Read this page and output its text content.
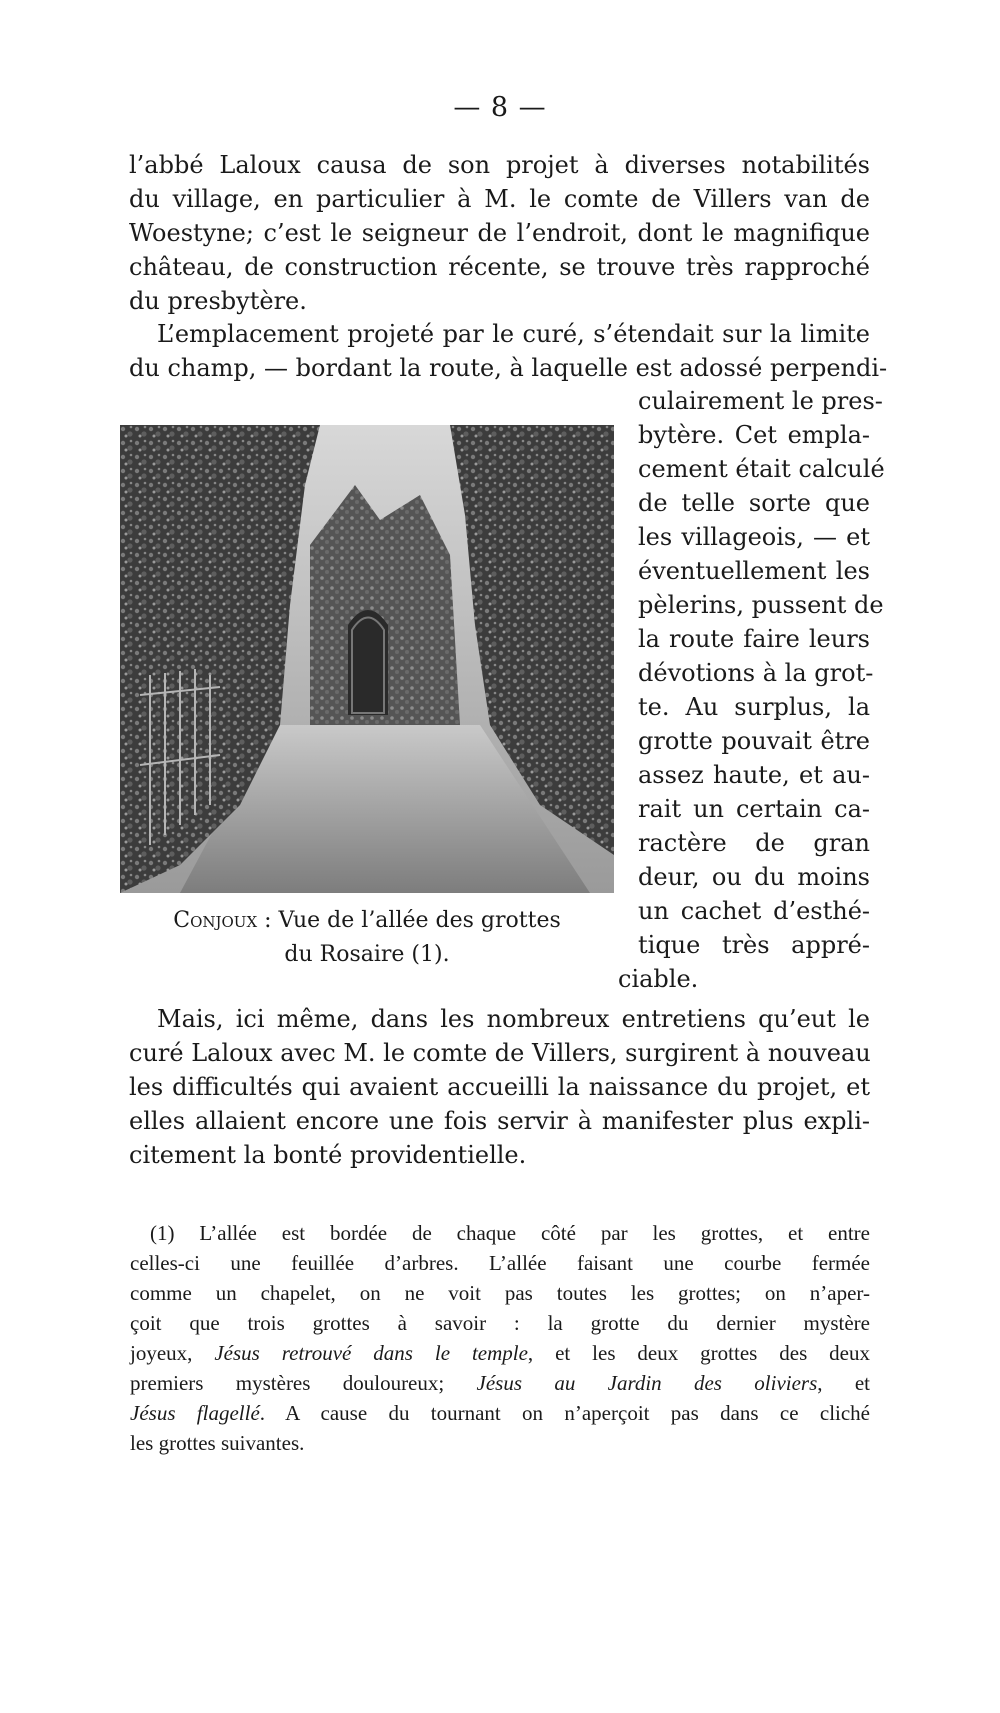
— 8 —
l’abbé Laloux causa de son projet à diverses notabilités
du village, en particulier à M. le comte de Villers van de
Woestyne; c’est le seigneur de l’endroit, dont le magnifique
château, de construction récente, se trouve très rapproché
du presbytère.
L’emplacement projeté par le curé, s’étendait sur la limite
du champ, — bordant la route, à laquelle est adossé perpendi-
culairement le pres-
bytère. Cet empla-
cement était calculé
de telle sorte que
les villageois, — et
éventuellement les
pèlerins, pussent de
la route faire leurs
dévotions à la grot-
te. Au surplus, la
grotte pouvait être
assez haute, et au-
rait un certain ca-
ractère de gran
deur, ou du moins
un cachet d’esthé-
tique très appré-
ciable.
Conjoux : Vue de l’allée des grottes
du Rosaire (1).
Mais, ici même, dans les nombreux entretiens qu’eut le
curé Laloux avec M. le comte de Villers, surgirent à nouveau
les difficultés qui avaient accueilli la naissance du projet, et
elles allaient encore une fois servir à manifester plus expli-
citement la bonté providentielle.
(1) L’allée est bordée de chaque côté par les grottes, et entre
celles-ci une feuillée d’arbres. L’allée faisant une courbe fermée
comme un chapelet, on ne voit pas toutes les grottes; on n’aper-
çoit que trois grottes à savoir : la grotte du dernier mystère
joyeux, Jésus retrouvé dans le temple, et les deux grottes des deux
premiers mystères douloureux; Jésus au Jardin des oliviers, et
Jésus flagellé. A cause du tournant on n’aperçoit pas dans ce cliché
les grottes suivantes.
